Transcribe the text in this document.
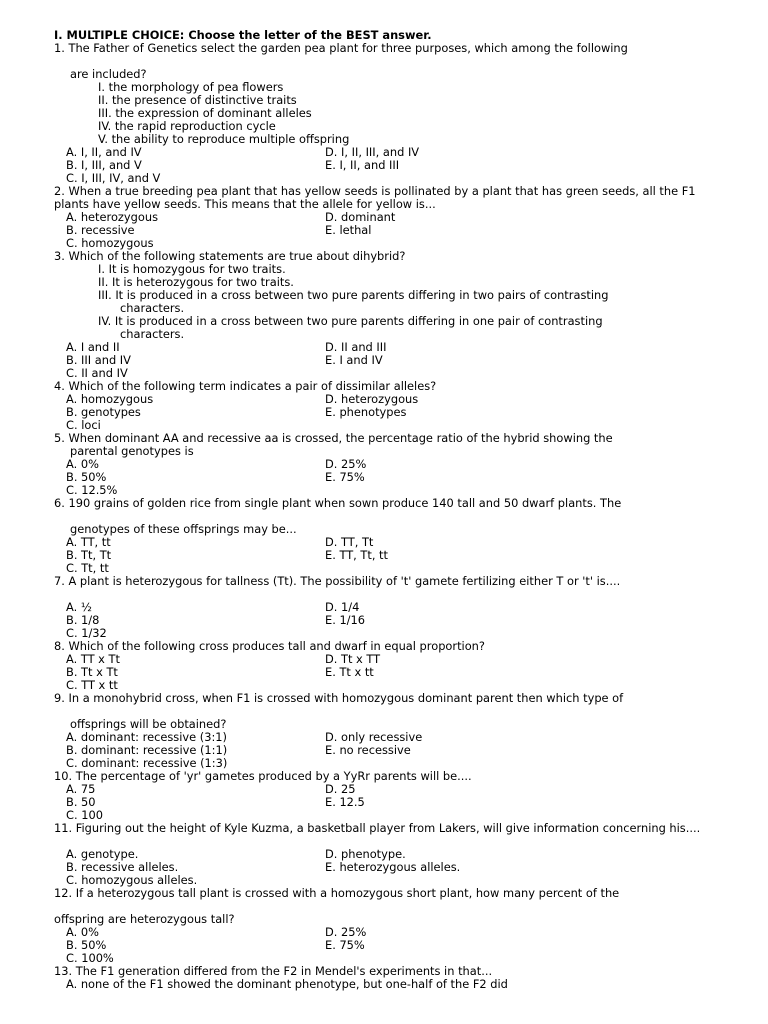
I. MULTIPLE CHOICE: Choose the letter of the BEST answer.
1. The Father of Genetics select the garden pea plant for three purposes, which among the following
are included?
I. the morphology of pea flowers
II. the presence of distinctive traits
III. the expression of dominant alleles
IV. the rapid reproduction cycle
V. the ability to reproduce multiple offspring
A. I, II, and IV	D. I, II, III, and IV
B. I, III, and V	E. I, II, and III
C. I, III, IV, and V
2. When a true breeding pea plant that has yellow seeds is pollinated by a plant that has green seeds, all the F1 plants have yellow seeds. This means that the allele for yellow is...
A. heterozygous	D. dominant
B. recessive	E. lethal
C. homozygous
3. Which of the following statements are true about dihybrid?
I. It is homozygous for two traits.
II. It is heterozygous for two traits.
III. It is produced in a cross between two pure parents differing in two pairs of contrasting
characters.
IV. It is produced in a cross between two pure parents differing in one pair of contrasting
characters.
A. I and II	D. II and III
B. III and IV	E. I and IV
C. II and IV
4. Which of the following term indicates a pair of dissimilar alleles?
A. homozygous	D. heterozygous
B. genotypes	E. phenotypes
C. loci
5. When dominant AA and recessive aa is crossed, the percentage ratio of the hybrid showing the
parental genotypes is
A. 0%	D. 25%
B. 50%	E. 75%
C. 12.5%
6. 190 grains of golden rice from single plant when sown produce 140 tall and 50 dwarf plants. The
genotypes of these offsprings may be...
A. TT, tt	D. TT, Tt
B. Tt, Tt	E. TT, Tt, tt
C. Tt, tt
7. A plant is heterozygous for tallness (Tt). The possibility of 't' gamete fertilizing either T or 't' is....
A. ½	D. 1/4
B. 1/8	E. 1/16
C. 1/32
8. Which of the following cross produces tall and dwarf in equal proportion?
A. TT x Tt	D. Tt x TT
B. Tt x Tt	E. Tt x tt
C. TT x tt
9. In a monohybrid cross, when F1 is crossed with homozygous dominant parent then which type of
offsprings will be obtained?
A. dominant: recessive (3:1)	D. only recessive
B. dominant: recessive (1:1)	E. no recessive
C. dominant: recessive (1:3)
10. The percentage of 'yr' gametes produced by a YyRr parents will be....
A. 75	D. 25
B. 50	E. 12.5
C. 100
11. Figuring out the height of Kyle Kuzma, a basketball player from Lakers, will give information concerning his....
A. genotype.	D. phenotype.
B. recessive alleles.	E. heterozygous alleles.
C. homozygous alleles.
12. If a heterozygous tall plant is crossed with a homozygous short plant, how many percent of the
offspring are heterozygous tall?
A. 0%	D. 25%
B. 50%	E. 75%
C. 100%
13. The F1 generation differed from the F2 in Mendel's experiments in that...
A. none of the F1 showed the dominant phenotype, but one-half of the F2 did
